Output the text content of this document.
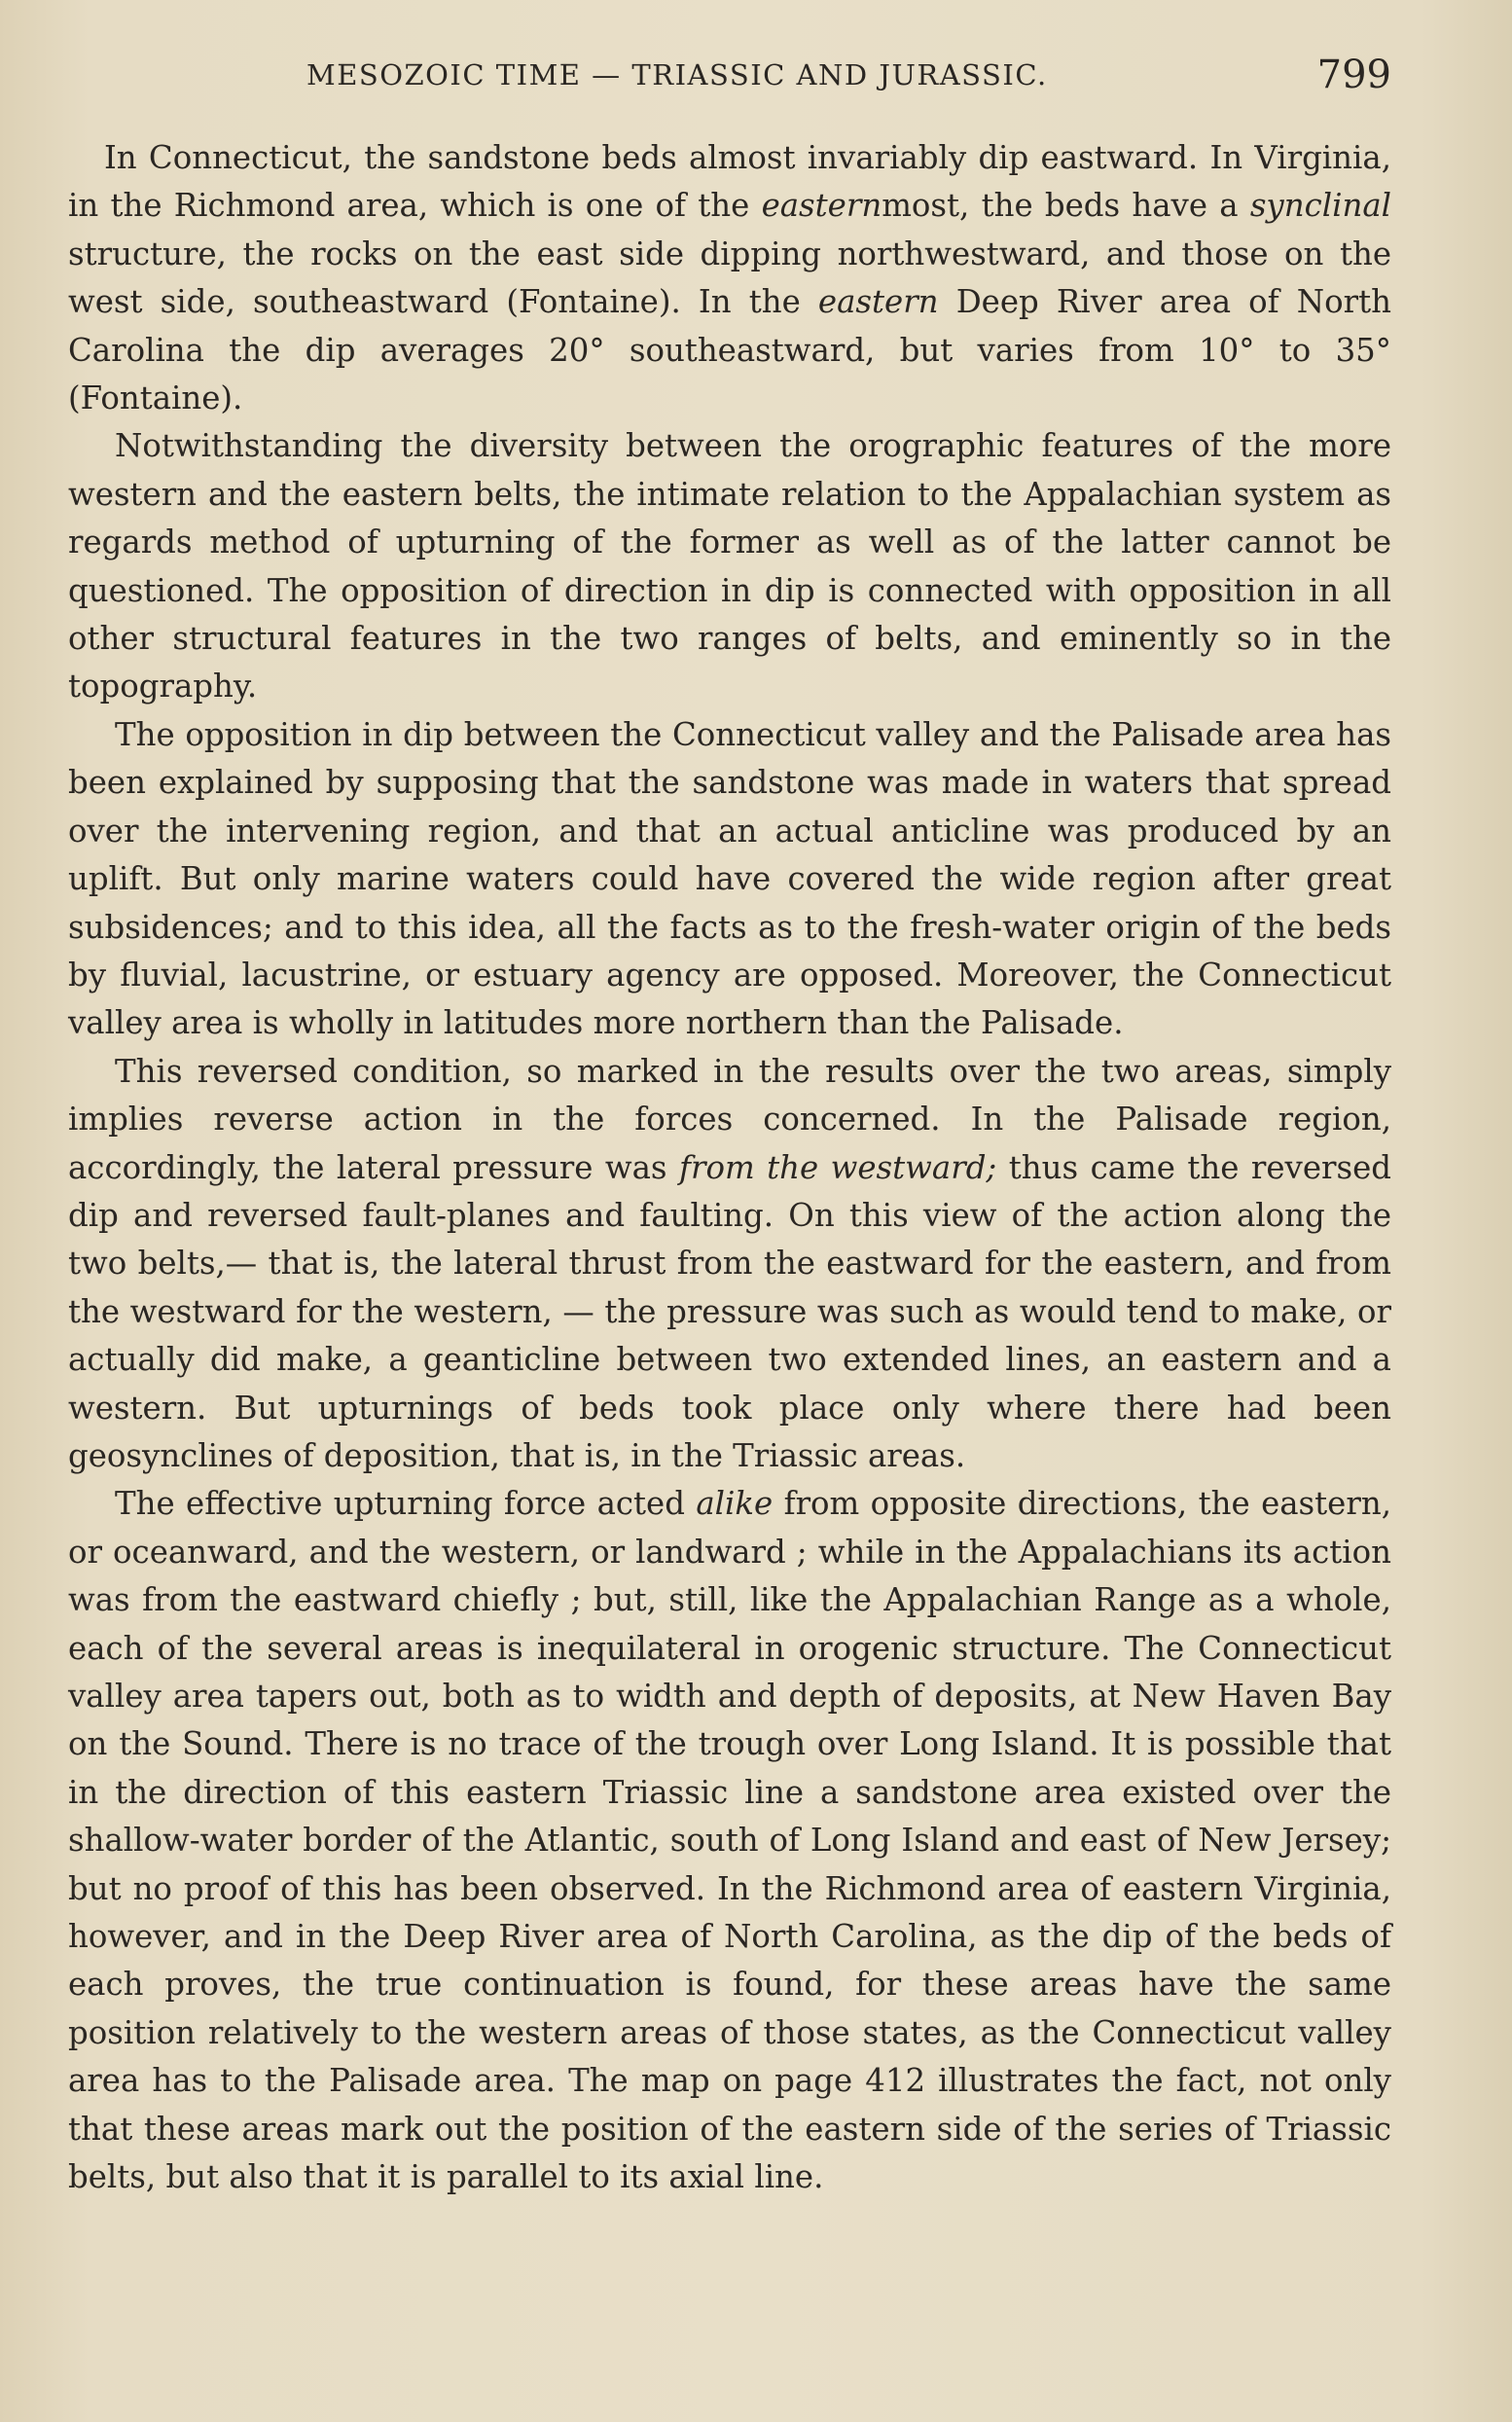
MESOZOIC TIME — TRIASSIC AND JURASSIC.	799

In Connecticut, the sandstone beds almost invariably dip eastward. In Virginia, in the Richmond area, which is one of the easternmost, the beds have a synclinal structure, the rocks on the east side dipping northwestward, and those on the west side, southeastward (Fontaine). In the eastern Deep River area of North Carolina the dip averages 20° southeastward, but varies from 10° to 35° (Fontaine).

Notwithstanding the diversity between the orographic features of the more western and the eastern belts, the intimate relation to the Appalachian system as regards method of upturning of the former as well as of the latter cannot be questioned. The opposition of direction in dip is connected with opposition in all other structural features in the two ranges of belts, and eminently so in the topography.

The opposition in dip between the Connecticut valley and the Palisade area has been explained by supposing that the sandstone was made in waters that spread over the intervening region, and that an actual anticline was produced by an uplift. But only marine waters could have covered the wide region after great subsidences; and to this idea, all the facts as to the fresh-water origin of the beds by fluvial, lacustrine, or estuary agency are opposed. Moreover, the Connecticut valley area is wholly in latitudes more northern than the Palisade.

This reversed condition, so marked in the results over the two areas, simply implies reverse action in the forces concerned. In the Palisade region, accordingly, the lateral pressure was from the westward; thus came the reversed dip and reversed fault-planes and faulting. On this view of the action along the two belts,— that is, the lateral thrust from the eastward for the eastern, and from the westward for the western, — the pressure was such as would tend to make, or actually did make, a geanticline between two extended lines, an eastern and a western. But upturnings of beds took place only where there had been geosynclines of deposition, that is, in the Triassic areas.

The effective upturning force acted alike from opposite directions, the eastern, or oceanward, and the western, or landward ; while in the Appalachians its action was from the eastward chiefly ; but, still, like the Appalachian Range as a whole, each of the several areas is inequilateral in orogenic structure. The Connecticut valley area tapers out, both as to width and depth of deposits, at New Haven Bay on the Sound. There is no trace of the trough over Long Island. It is possible that in the direction of this eastern Triassic line a sandstone area existed over the shallow-water border of the Atlantic, south of Long Island and east of New Jersey; but no proof of this has been observed. In the Richmond area of eastern Virginia, however, and in the Deep River area of North Carolina, as the dip of the beds of each proves, the true continuation is found, for these areas have the same position relatively to the western areas of those states, as the Connecticut valley area has to the Palisade area. The map on page 412 illustrates the fact, not only that these areas mark out the position of the eastern side of the series of Triassic belts, but also that it is parallel to its axial line.
